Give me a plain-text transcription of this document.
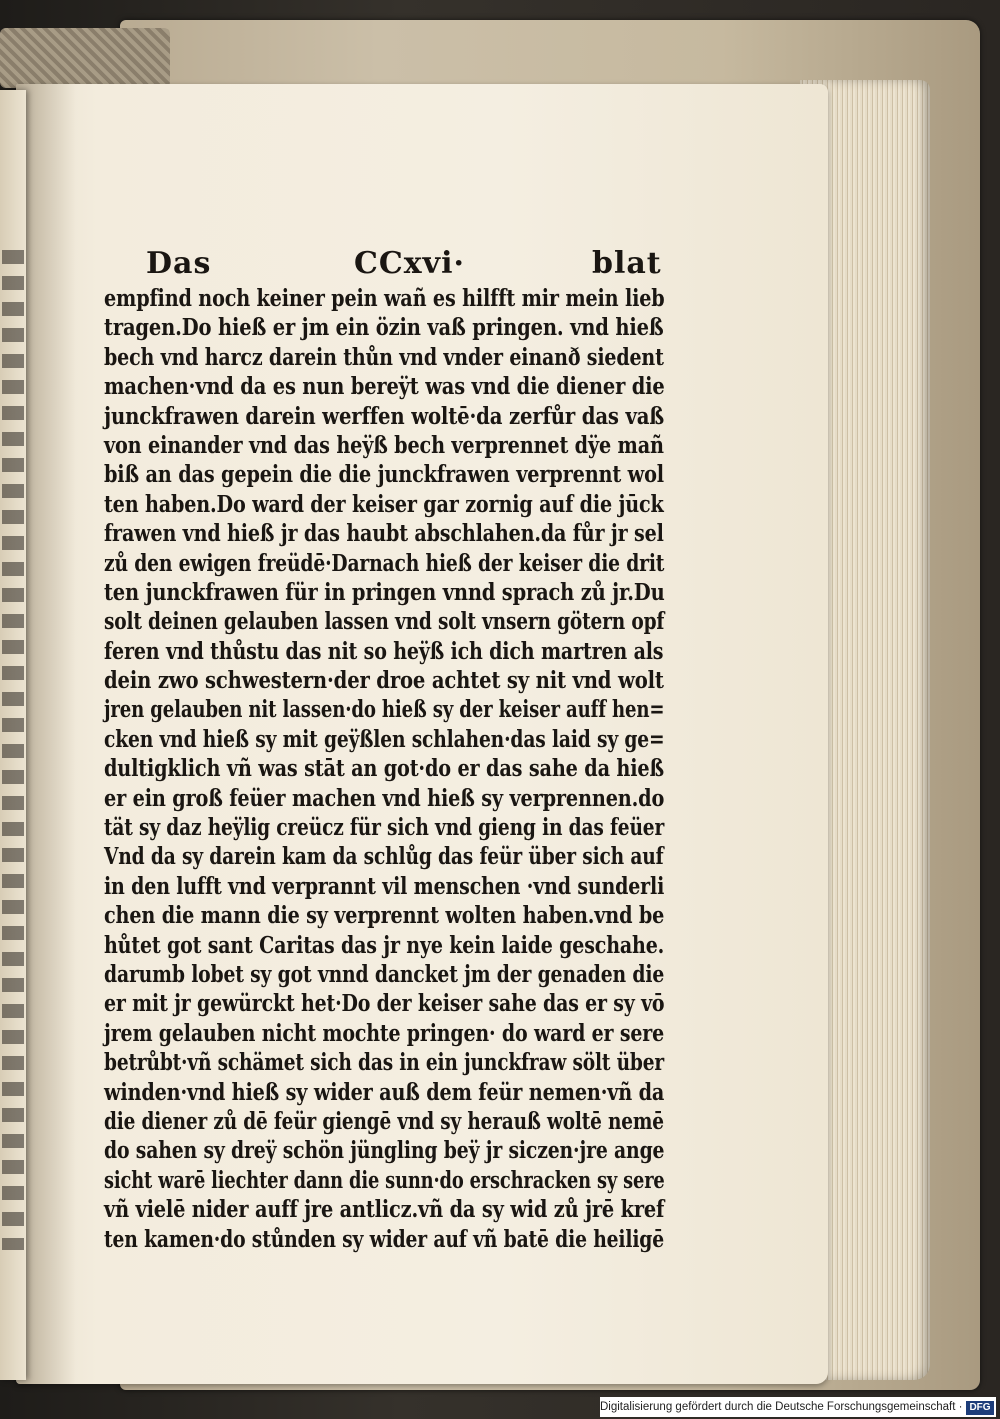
Das	CCxvi·	blat
empfind noch keiner pein wañ es hilfft mir mein lieb
tragen.Do hieß er jm ein özin vaß pringen. vnd hieß
bech vnd harcz darein thůn vnd vnder einanð siedent
machen·vnd da es nun bereÿt was vnd die diener die
junckfrawen darein werffen woltē·da zerfůr das vaß
von einander vnd das heÿß bech verprennet dÿe mañ
biß an das gepein die die junckfrawen verprennt wol
ten haben.Do ward der keiser gar zornig auf die jūck
frawen vnd hieß jr das haubt abschlahen.da fůr jr sel
zů den ewigen freüdē·Darnach hieß der keiser die drit
ten junckfrawen für in pringen vnnd sprach zů jr.Du
solt deinen gelauben lassen vnd solt vnsern götern opf
feren vnd thůstu das nit so heÿß ich dich martren als
dein zwo schwestern·der droe achtet sy nit vnd wolt
jren gelauben nit lassen·do hieß sy der keiser auff hen=
cken vnd hieß sy mit geÿßlen schlahen·das laid sy ge=
dultigklich vñ was stāt an got·do er das sahe da hieß
er ein groß feüer machen vnd hieß sy verprennen.do
tät sy daz heÿlig creücz für sich vnd gieng in das feüer
Vnd da sy darein kam da schlůg das feür über sich auf
in den lufft vnd verprannt vil menschen ·vnd sunderli
chen die mann die sy verprennt wolten haben.vnd be
hůtet got sant Caritas das jr nye kein laide geschahe.
darumb lobet sy got vnnd dancket jm der genaden die
er mit jr gewürckt het·Do der keiser sahe das er sy vō
jrem gelauben nicht mochte pringen· do ward er sere
betrůbt·vñ schämet sich das in ein junckfraw sölt über
winden·vnd hieß sy wider auß dem feür nemen·vñ da
die diener zů dē feür giengē vnd sy herauß woltē nemē
do sahen sy dreÿ schön jüngling beÿ jr siczen·jre ange
sicht warē liechter dann die sunn·do erschracken sy sere
vñ vielē nider auff jre antlicz.vñ da sy wid zů jrē kref
ten kamen·do stůnden sy wider auf vñ batē die heiligē
Digitalisierung gefördert durch die Deutsche Forschungsgemeinschaft · DFG
